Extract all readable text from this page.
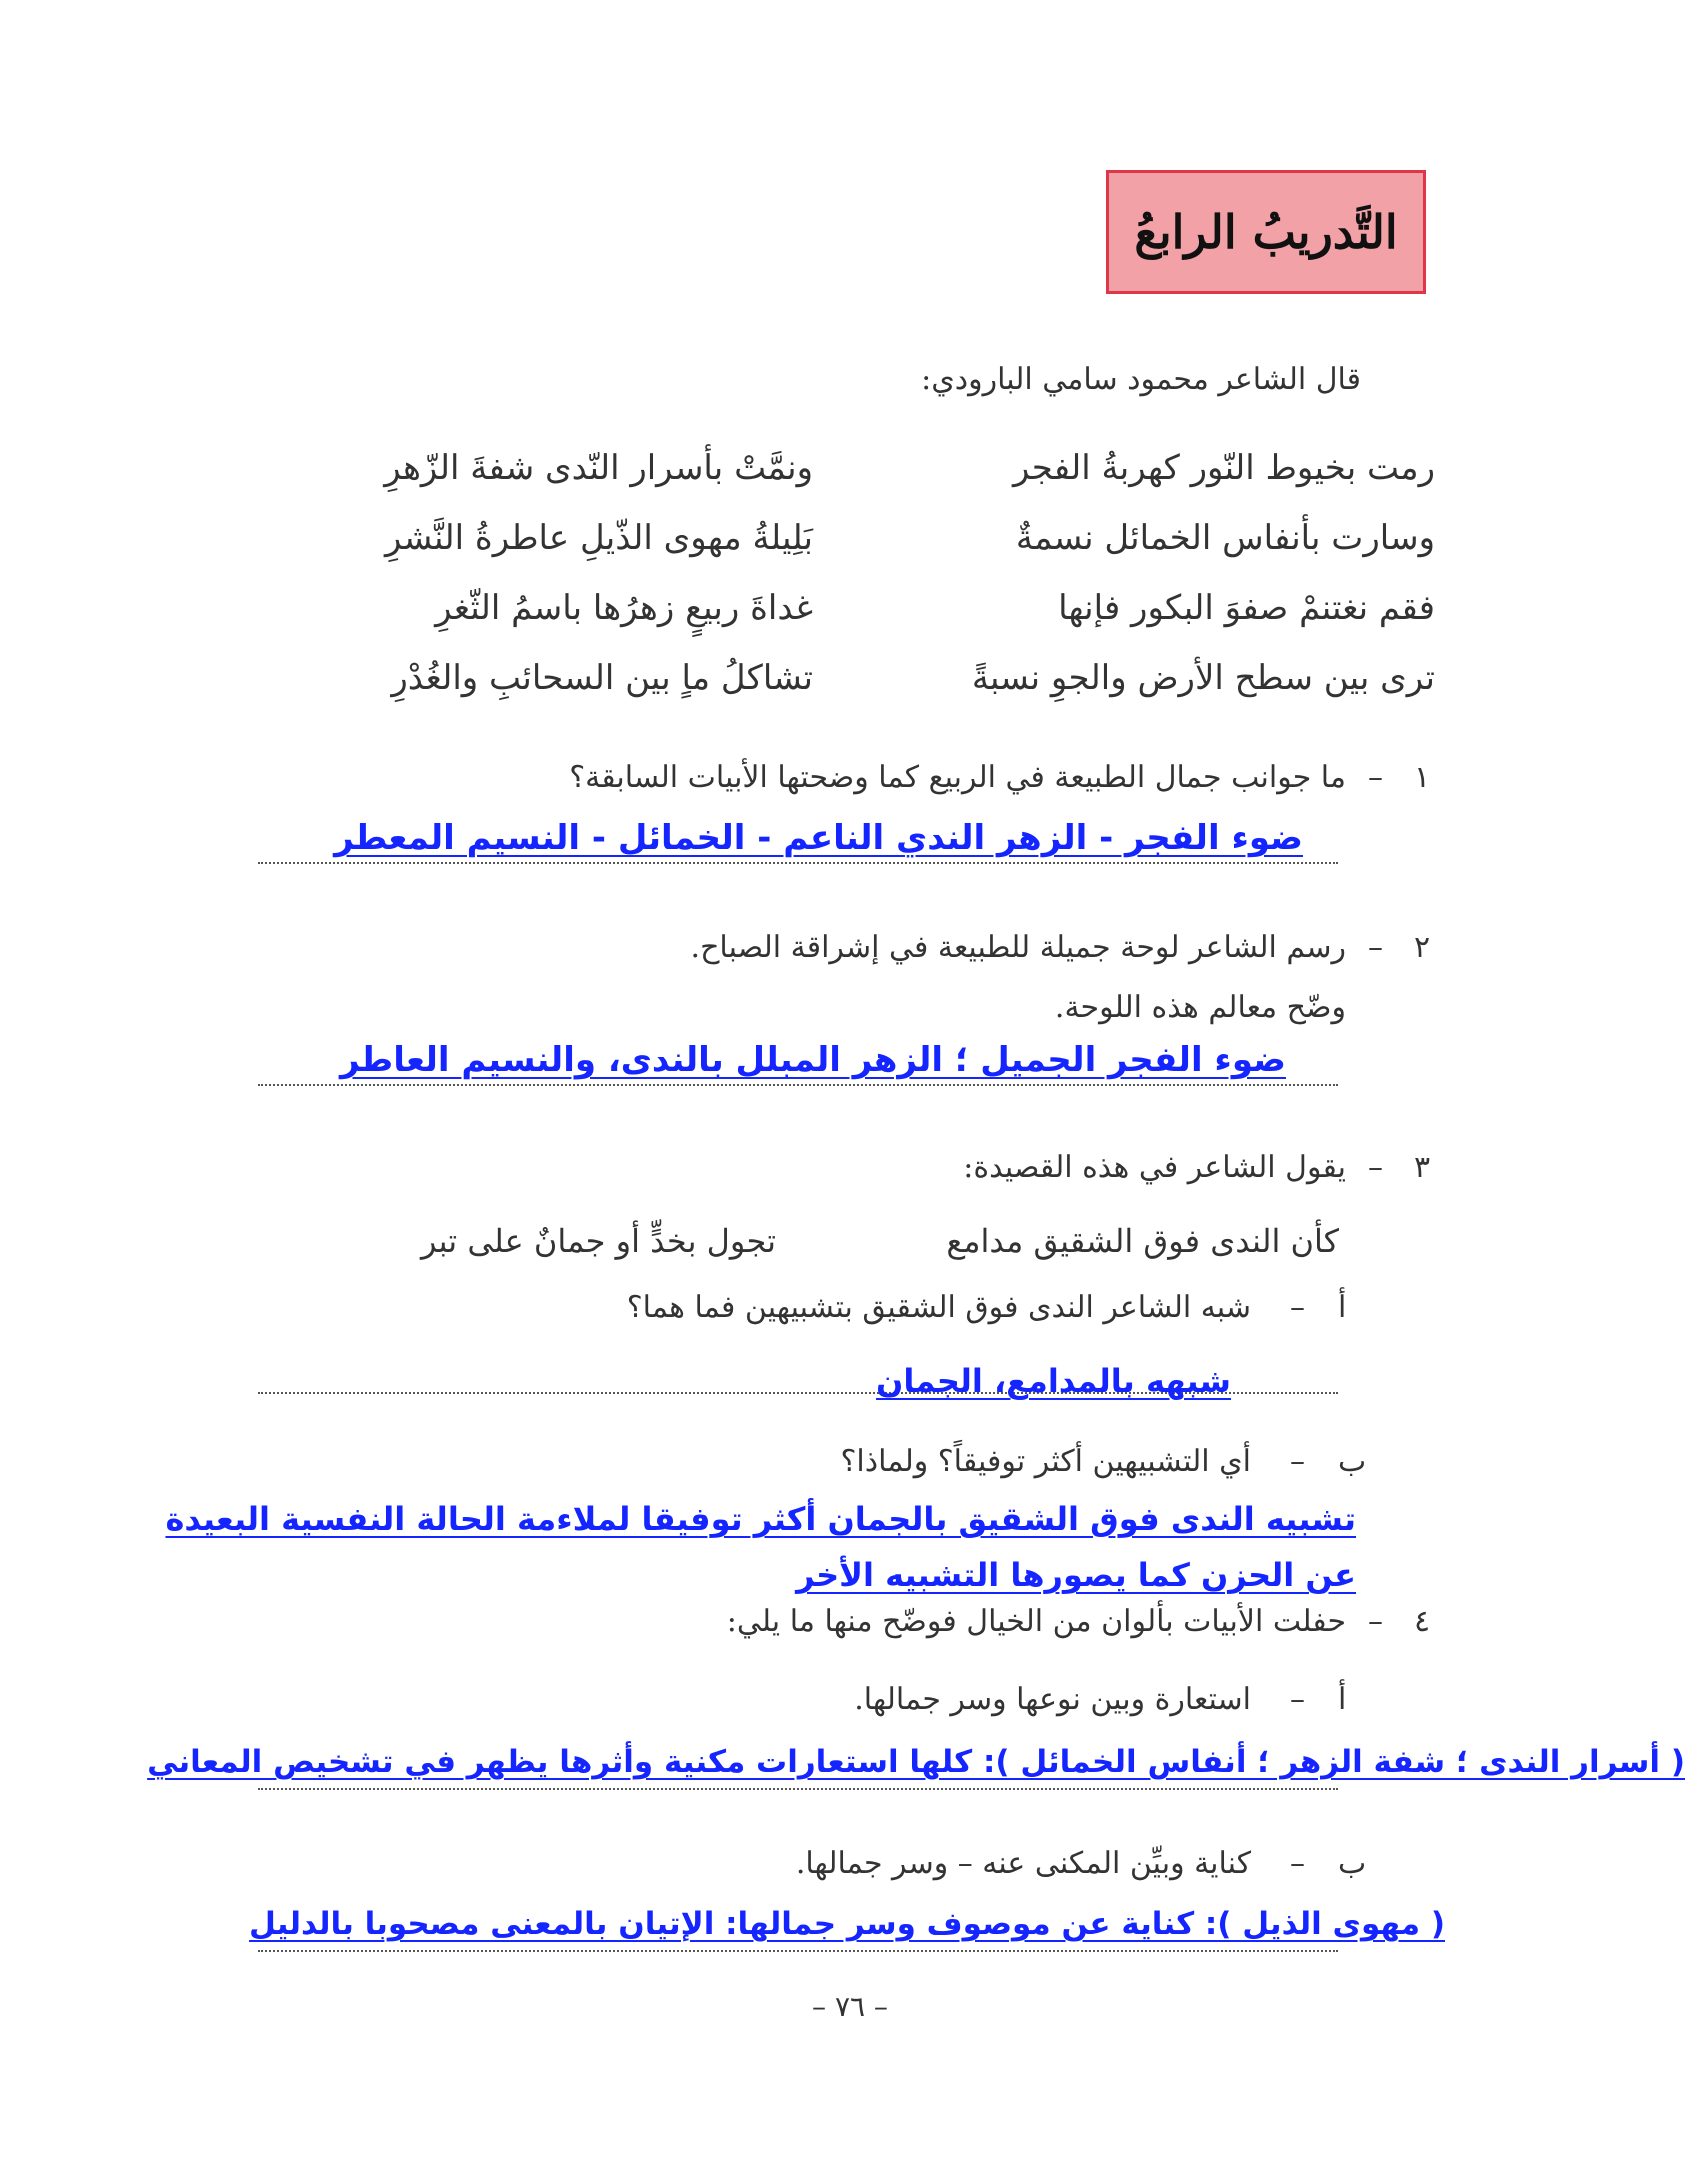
التَّدريبُ الرابعُ
قال الشاعر محمود سامي البارودي:
رمت بخيوط النّور كهربةُ الفجر
ونمَّتْ بأسرار النّدى شفةَ الزّهرِ
وسارت بأنفاس الخمائل نسمةٌ
بَلِيلةُ مهوى الذّيلِ عاطرةُ النَّشرِ
فقم نغتنمْ صفوَ البكور فإنها
غداةَ ربيعٍ زهرُها باسمُ الثّغرِ
ترى بين سطح الأرض والجوِ نسبةً
تشاكلُ ماٍ بين السحائبِ والغُدْرِ
١
–
ما جوانب جمال الطبيعة في الربيع كما وضحتها الأبيات السابقة؟
ضوء الفجر - الزهر الندي الناعم - الخمائل - النسيم المعطر
٢
–
رسم الشاعر لوحة جميلة للطبيعة في إشراقة الصباح.
وضّح معالم هذه اللوحة.
ضوء الفجر الجميل ؛ الزهر المبلل بالندى، والنسيم العاطر
٣
–
يقول الشاعر في هذه القصيدة:
كأن الندى فوق الشقيق مدامع
تجول بخدٍّ أو جمانٌ على تبر
أ
–
شبه الشاعر الندى فوق الشقيق بتشبيهين فما هما؟
شبهه بالمدامع، الجمان
ب
–
أي التشبيهين أكثر توفيقاً؟ ولماذا؟
تشبيه الندى فوق الشقيق بالجمان أكثر توفيقا لملاءمة الحالة النفسية البعيدة
عن الحزن كما يصورها التشبيه الأخر
٤
–
حفلت الأبيات بألوان من الخيال فوضّح منها ما يلي:
أ
–
استعارة وبين نوعها وسر جمالها.
( أسرار الندى ؛ شفة الزهر ؛ أنفاس الخمائل ): كلها استعارات مكنية وأثرها يظهر في تشخيص المعاني
ب
–
كناية وبيِّن المكنى عنه – وسر جمالها.
( مهوى الذيل ): كناية عن موصوف وسر جمالها: الإتيان بالمعنى مصحوبا بالدليل
– ٧٦ –
